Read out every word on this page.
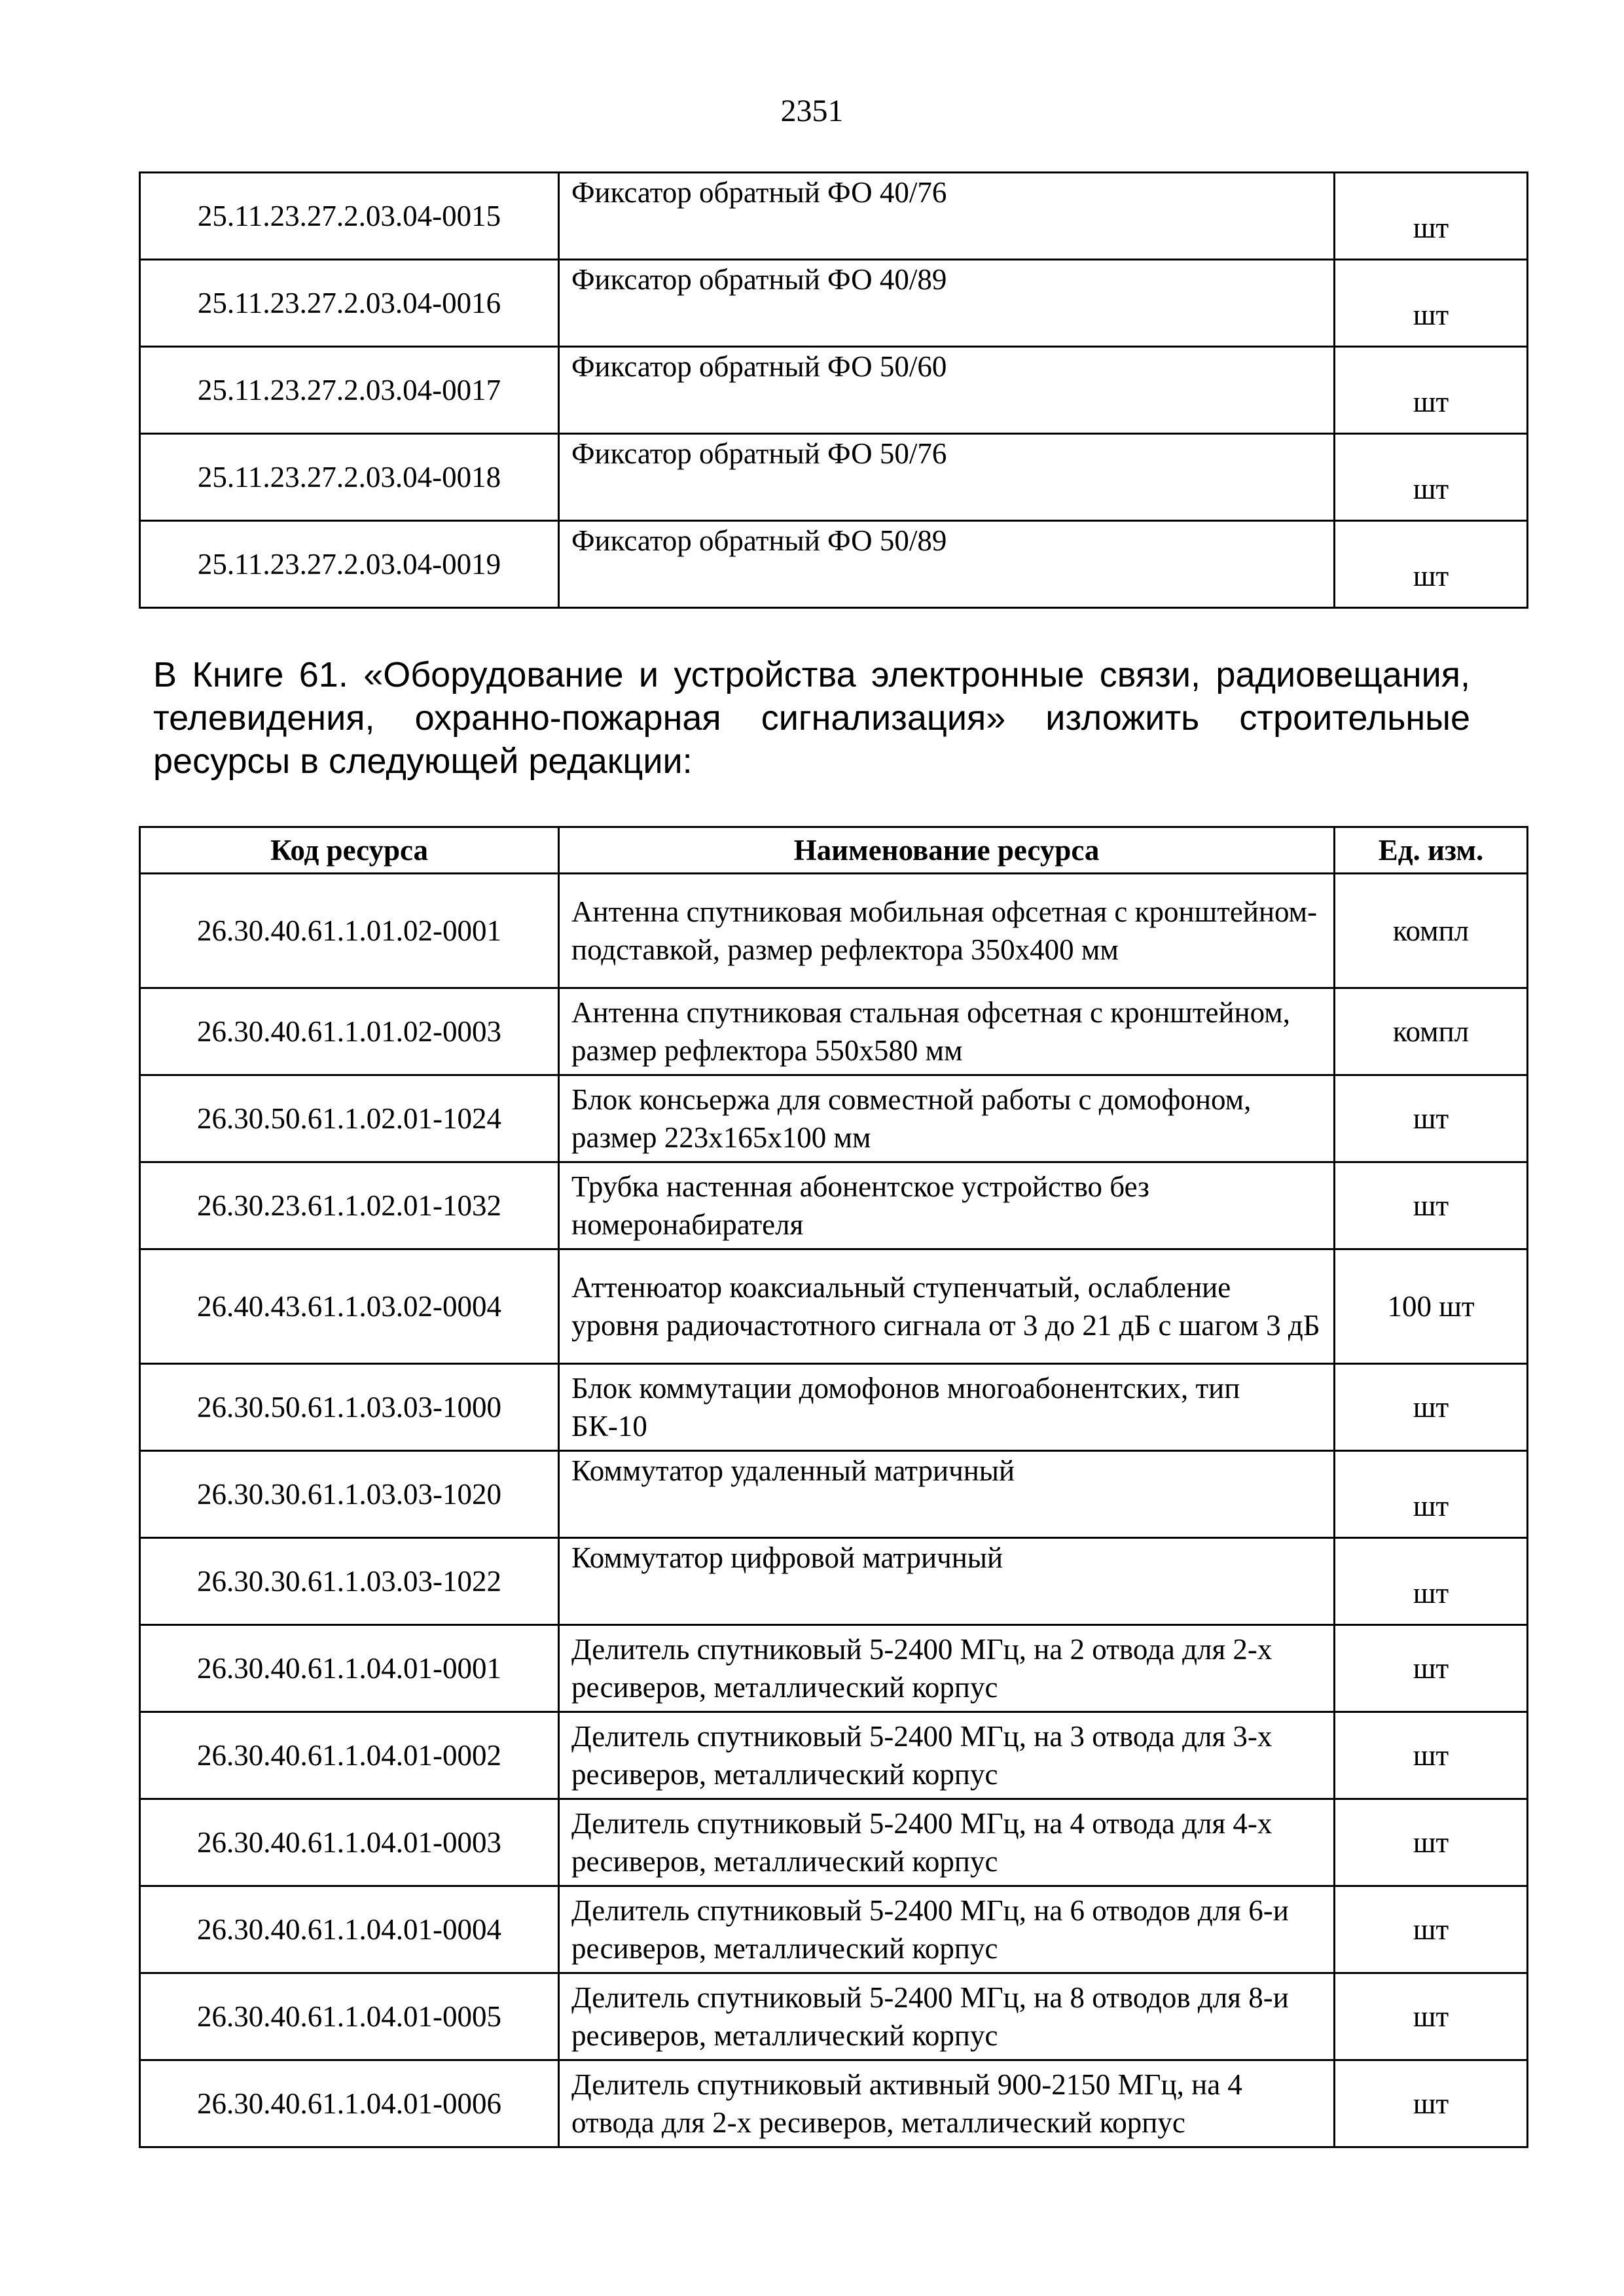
2351
25.11.23.27.2.03.04-0015	Фиксатор обратный ФО 40/76	шт
25.11.23.27.2.03.04-0016	Фиксатор обратный ФО 40/89	шт
25.11.23.27.2.03.04-0017	Фиксатор обратный ФО 50/60	шт
25.11.23.27.2.03.04-0018	Фиксатор обратный ФО 50/76	шт
25.11.23.27.2.03.04-0019	Фиксатор обратный ФО 50/89	шт
В Книге 61. «Оборудование и устройства электронные связи, радиовещания, телевидения, охранно-пожарная сигнализация» изложить строительные ресурсы в следующей редакции:
Код ресурса	Наименование ресурса	Ед. изм.
26.30.40.61.1.01.02-0001	Антенна спутниковая мобильная офсетная с кронштейном-подставкой, размер рефлектора 350х400 мм	компл
26.30.40.61.1.01.02-0003	Антенна спутниковая стальная офсетная с кронштейном, размер рефлектора 550х580 мм	компл
26.30.50.61.1.02.01-1024	Блок консьержа для совместной работы с домофоном, размер 223х165х100 мм	шт
26.30.23.61.1.02.01-1032	Трубка настенная абонентское устройство без номеронабирателя	шт
26.40.43.61.1.03.02-0004	Аттенюатор коаксиальный ступенчатый, ослабление уровня радиочастотного сигнала от 3 до 21 дБ с шагом 3 дБ	100 шт
26.30.50.61.1.03.03-1000	Блок коммутации домофонов многоабонентских, тип БК-10	шт
26.30.30.61.1.03.03-1020	Коммутатор удаленный матричный	шт
26.30.30.61.1.03.03-1022	Коммутатор цифровой матричный	шт
26.30.40.61.1.04.01-0001	Делитель спутниковый 5-2400 МГц, на 2 отвода для 2-х ресиверов, металлический корпус	шт
26.30.40.61.1.04.01-0002	Делитель спутниковый 5-2400 МГц, на 3 отвода для 3-х ресиверов, металлический корпус	шт
26.30.40.61.1.04.01-0003	Делитель спутниковый 5-2400 МГц, на 4 отвода для 4-х ресиверов, металлический корпус	шт
26.30.40.61.1.04.01-0004	Делитель спутниковый 5-2400 МГц, на 6 отводов для 6-и ресиверов, металлический корпус	шт
26.30.40.61.1.04.01-0005	Делитель спутниковый 5-2400 МГц, на 8 отводов для 8-и ресиверов, металлический корпус	шт
26.30.40.61.1.04.01-0006	Делитель спутниковый активный 900-2150 МГц, на 4 отвода для 2-х ресиверов, металлический корпус	шт
